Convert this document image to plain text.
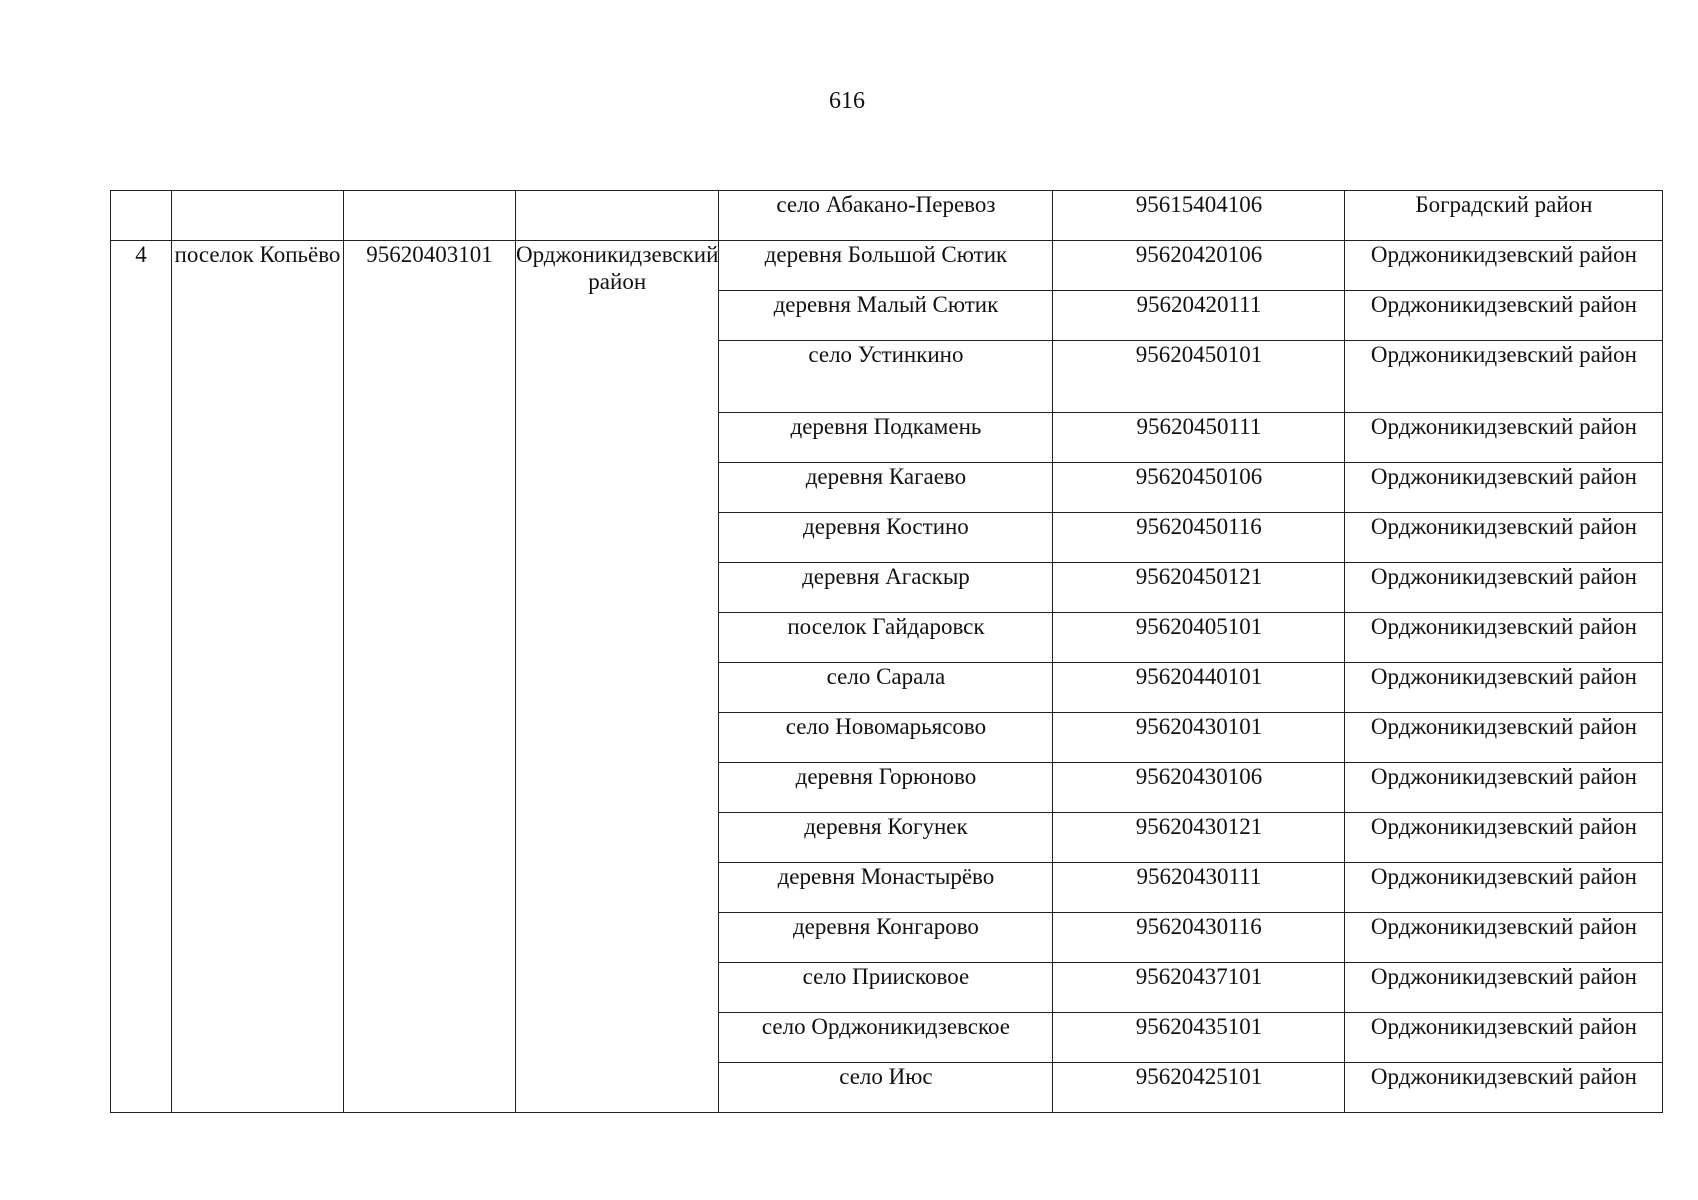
616
				село Абакано-Перевоз	95615404106	Боградский район
4	поселок Копьёво	95620403101	Орджоникидзевский район	деревня Большой Сютик	95620420106	Орджоникидзевский район
				деревня Малый Сютик	95620420111	Орджоникидзевский район
				село Устинкино	95620450101	Орджоникидзевский район
				деревня Подкамень	95620450111	Орджоникидзевский район
				деревня Кагаево	95620450106	Орджоникидзевский район
				деревня Костино	95620450116	Орджоникидзевский район
				деревня Агаскыр	95620450121	Орджоникидзевский район
				поселок Гайдаровск	95620405101	Орджоникидзевский район
				село Сарала	95620440101	Орджоникидзевский район
				село Новомарьясово	95620430101	Орджоникидзевский район
				деревня Горюново	95620430106	Орджоникидзевский район
				деревня Когунек	95620430121	Орджоникидзевский район
				деревня Монастырёво	95620430111	Орджоникидзевский район
				деревня Конгарово	95620430116	Орджоникидзевский район
				село Приисковое	95620437101	Орджоникидзевский район
				село Орджоникидзевское	95620435101	Орджоникидзевский район
				село Июс	95620425101	Орджоникидзевский район
